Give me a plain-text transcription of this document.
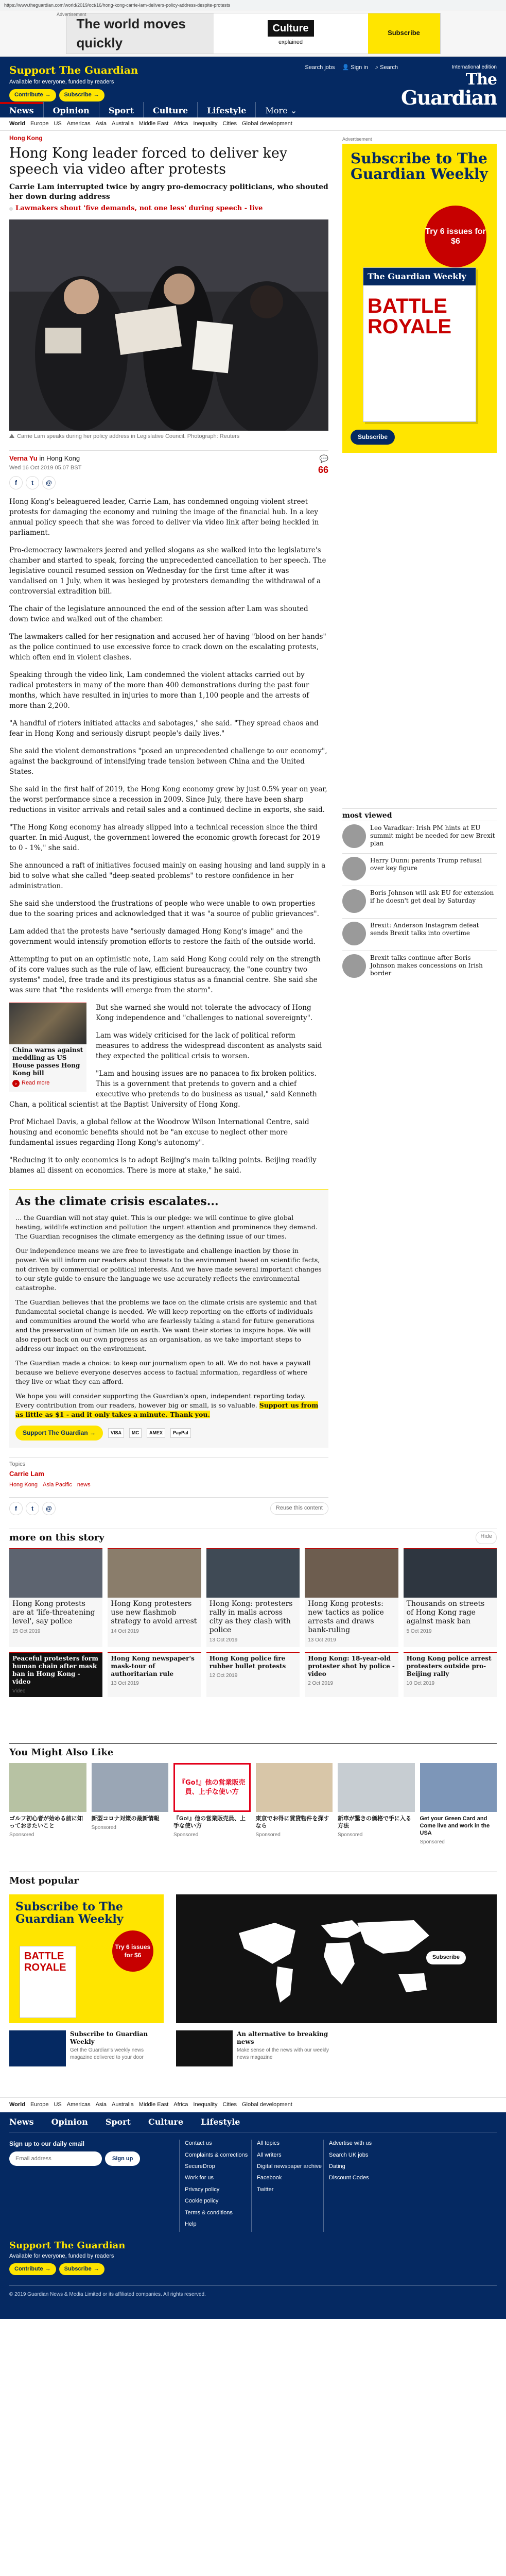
https://www.theguardian.com/world/2019/oct/16/hong-kong-carrie-lam-delivers-policy-address-despite-protests
Advertisement
The world moves quickly
Culture
explained
Subscribe
Support The Guardian
Available for everyone, funded by readers
Contribute → Subscribe →
Search jobs 👤 Sign in ⌕ Search	International edition
The
Guardian
News	Opinion	Sport	Culture	Lifestyle	More ⌄
World Europe US Americas Asia Australia Middle East Africa Inequality Cities Global development
Hong Kong
Hong Kong leader forced to deliver key speech via video after protests
Carrie Lam interrupted twice by angry pro-democracy politicians, who shouted her down during address
Lawmakers shout 'five demands, not one less' during speech - live
Carrie Lam speaks during her policy address in Legislative Council. Photograph: Reuters
Verna Yu in Hong Kong
Wed 16 Oct 2019 05.07 BST
f	t	@
💬
66

Hong Kong's beleaguered leader, Carrie Lam, has condemned ongoing violent street protests for damaging the economy and ruining the image of the financial hub. In a key annual policy speech that she was forced to deliver via video link after being heckled in parliament.

Pro-democracy lawmakers jeered and yelled slogans as she walked into the legislature's chamber and started to speak, forcing the unprecedented cancellation to her speech. The legislative council resumed session on Wednesday for the first time after it was vandalised on 1 July, when it was besieged by protesters demanding the withdrawal of a controversial extradition bill.

The chair of the legislature announced the end of the session after Lam was shouted down twice and walked out of the chamber.

The lawmakers called for her resignation and accused her of having "blood on her hands" as the police continued to use excessive force to crack down on the escalating protests, which often end in violent clashes.

Speaking through the video link, Lam condemned the violent attacks carried out by radical protesters in many of the more than 400 demonstrations during the past four months, which have resulted in injuries to more than 1,100 people and the arrests of more than 2,200.

"A handful of rioters initiated attacks and sabotages," she said. "They spread chaos and fear in Hong Kong and seriously disrupt people's daily lives."

She said the violent demonstrations "posed an unprecedented challenge to our economy", against the background of intensifying trade tension between China and the United States.

She said in the first half of 2019, the Hong Kong economy grew by just 0.5% year on year, the worst performance since a recession in 2009. Since July, there have been sharp reductions in visitor arrivals and retail sales and a continued decline in exports, she said.

"The Hong Kong economy has already slipped into a technical recession since the third quarter. In mid-August, the government lowered the economic growth forecast for 2019 to 0 - 1%," she said.

She announced a raft of initiatives focused mainly on easing housing and land supply in a bid to solve what she called "deep-seated problems" to restore confidence in her administration.

She said she understood the frustrations of people who were unable to own properties due to the soaring prices and acknowledged that it was "a source of public grievances".

Lam added that the protests have "seriously damaged Hong Kong's image" and the government would intensify promotion efforts to restore the faith of the outside world.

Attempting to put on an optimistic note, Lam said Hong Kong could rely on the strength of its core values such as the rule of law, efficient bureaucracy, the "one country two systems" model, free trade and its prestigious status as a financial centre. She said she was sure that "the residents will emerge from the storm".

China warns against meddling as US House passes Hong Kong bill
› Read more

But she warned she would not tolerate the advocacy of Hong Kong independence and "challenges to national sovereignty".

Lam was widely criticised for the lack of political reform measures to address the widespread discontent as analysts said they expected the political crisis to worsen.

"Lam and housing issues are no panacea to fix broken politics. This is a government that pretends to govern and a chief executive who pretends to do business as usual," said Kenneth Chan, a political scientist at the Baptist University of Hong Kong.

Prof Michael Davis, a global fellow at the Woodrow Wilson International Centre, said housing and economic benefits should not be "an excuse to neglect other more fundamental issues regarding Hong Kong's autonomy".

"Reducing it to only economics is to adopt Beijing's main talking points. Beijing readily blames all dissent on economics. There is more at stake," he said.

As the climate crisis escalates...

... the Guardian will not stay quiet. This is our pledge: we will continue to give global heating, wildlife extinction and pollution the urgent attention and prominence they demand. The Guardian recognises the climate emergency as the defining issue of our times.

Our independence means we are free to investigate and challenge inaction by those in power. We will inform our readers about threats to the environment based on scientific facts, not driven by commercial or political interests. And we have made several important changes to our style guide to ensure the language we use accurately reflects the environmental catastrophe.

The Guardian believes that the problems we face on the climate crisis are systemic and that fundamental societal change is needed. We will keep reporting on the efforts of individuals and communities around the world who are fearlessly taking a stand for future generations and the preservation of human life on earth. We want their stories to inspire hope. We will also report back on our own progress as an organisation, as we take important steps to address our impact on the environment.

The Guardian made a choice: to keep our journalism open to all. We do not have a paywall because we believe everyone deserves access to factual information, regardless of where they live or what they can afford.

We hope you will consider supporting the Guardian's open, independent reporting today. Every contribution from our readers, however big or small, is so valuable. Support us from as little as $1 - and it only takes a minute. Thank you.

Support The Guardian →	VISA	MC	AMEX	PayPal
Topics
Carrie Lam
Hong Kong Asia Pacific news
f	t	@	Reuse this content
Advertisement
Subscribe to The Guardian Weekly
Try 6 issues for $6
The Guardian Weekly
BATTLE ROYALE
Subscribe
most viewed
Leo Varadkar: Irish PM hints at EU summit might be needed for new Brexit plan
Harry Dunn: parents Trump refusal over key figure
Boris Johnson will ask EU for extension if he doesn't get deal by Saturday
Brexit: Anderson Instagram defeat sends Brexit talks into overtime
Brexit talks continue after Boris Johnson makes concessions on Irish border
more on this story	Hide
Hong Kong protests are at 'life-threatening level', say police
15 Oct 2019
Hong Kong protesters use new flashmob strategy to avoid arrest
14 Oct 2019
Hong Kong: protesters rally in malls across city as they clash with police
13 Oct 2019
Hong Kong protests: new tactics as police arrests and draws bank-ruling
13 Oct 2019
Thousands on streets of Hong Kong rage against mask ban
5 Oct 2019
Peaceful protesters form human chain after mask ban in Hong Kong - video
Video
Hong Kong newspaper's mask-tour of authoritarian rule
13 Oct 2019
Hong Kong police fire rubber bullet protests
12 Oct 2019
Hong Kong: 18-year-old protester shot by police - video
2 Oct 2019
Hong Kong police arrest protesters outside pro-Beijing rally
10 Oct 2019
You Might Also Like
ゴルフ初心者が始める前に知っておきたいこと
Sponsored
新型コロナ対策の最新情報
Sponsored
『Go!』他の営業販売員、上手な使い方
『Go!』他の営業販売員、上手な使い方
Sponsored
東京でお得に賃貸物件を探すなら
Sponsored
新車が驚きの価格で手に入る方法
Sponsored
Get your Green Card and Come live and work in the USA
Sponsored
Most popular
Subscribe to The Guardian Weekly
Try 6 issues for $6
BATTLE ROYALE
Subscribe
Subscribe to Guardian Weekly
Get the Guardian's weekly news magazine delivered to your door
An alternative to breaking news
Make sense of the news with our weekly news magazine
World Europe US Americas Asia Australia Middle East Africa Inequality Cities Global development
News	Opinion	Sport	Culture	Lifestyle
Sign up to our daily email
Email address	Sign up
Contact us
Complaints & corrections
SecureDrop
Work for us
Privacy policy
Cookie policy
Terms & conditions
Help
All topics
All writers
Digital newspaper archive
Facebook
Twitter
Advertise with us
Search UK jobs
Dating
Discount Codes
Support The Guardian
Available for everyone, funded by readers
Contribute → Subscribe →
© 2019 Guardian News & Media Limited or its affiliated companies. All rights reserved.
